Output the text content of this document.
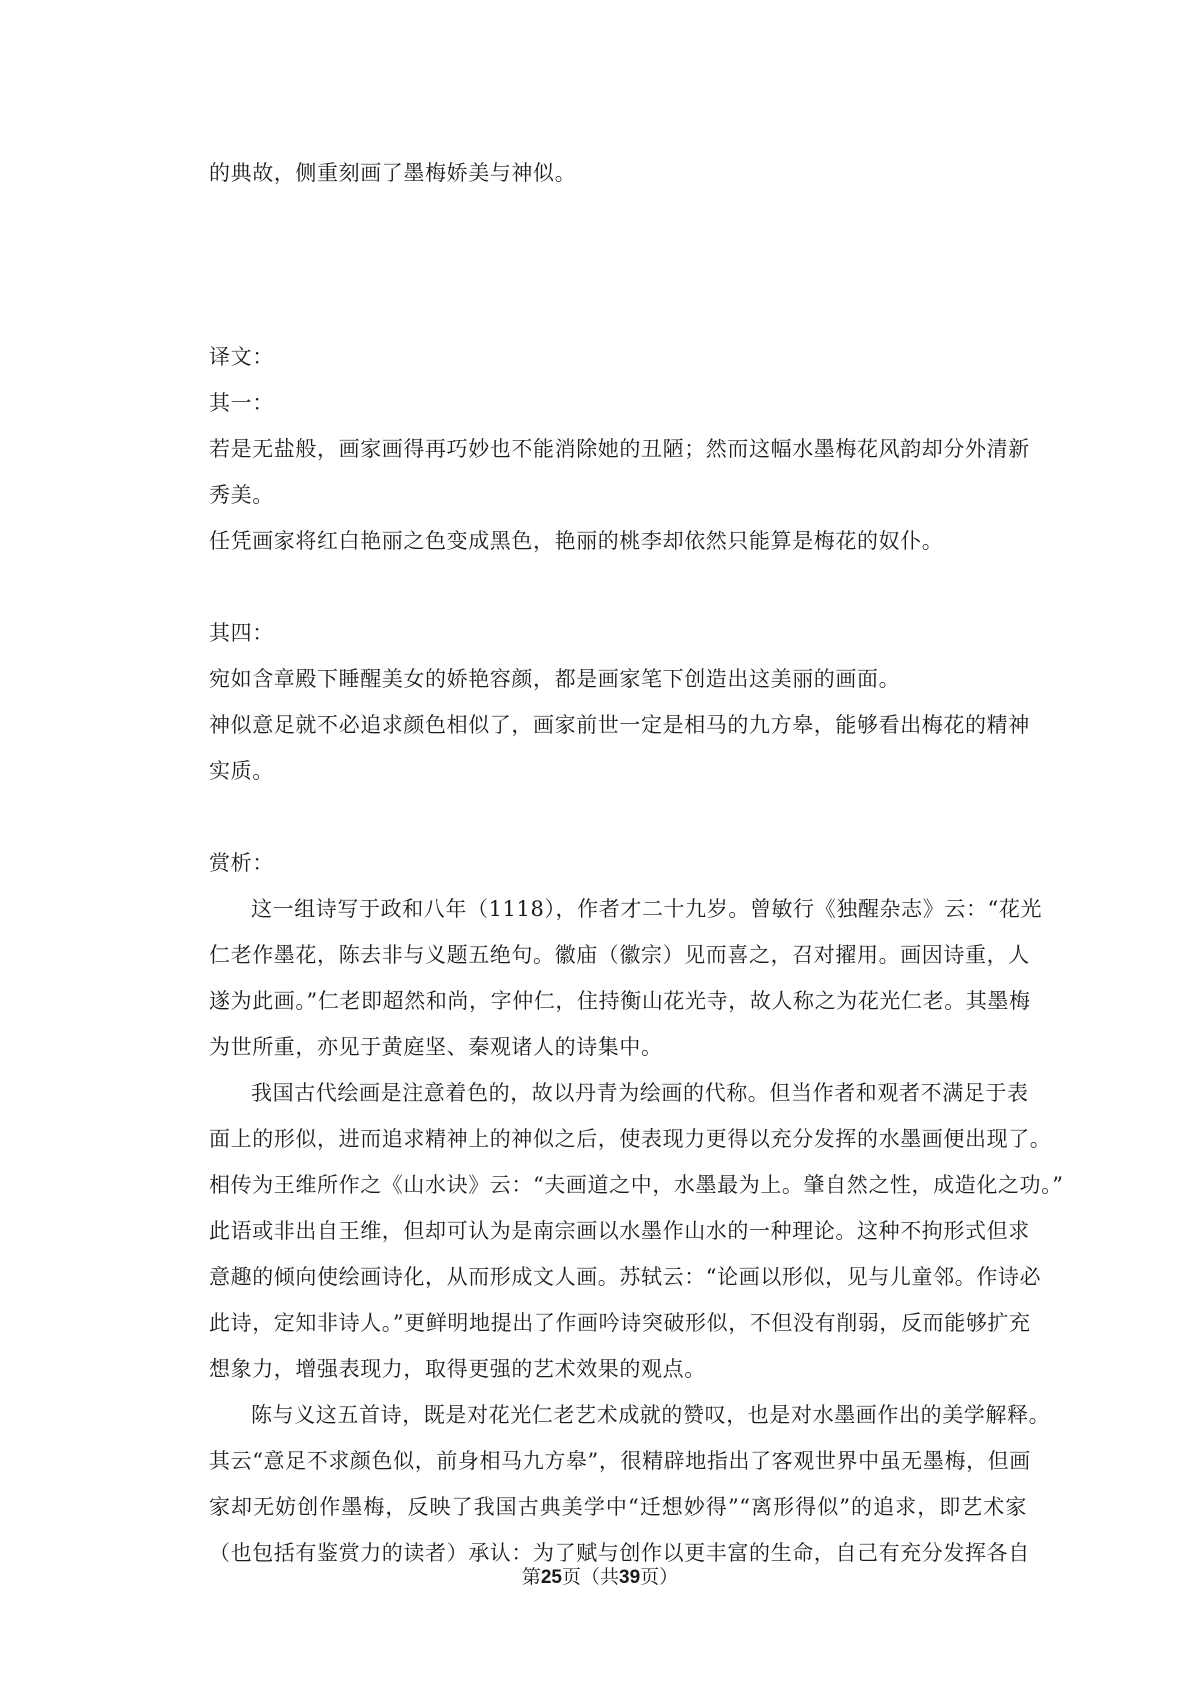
的典故，侧重刻画了墨梅娇美与神似。
译文：
其一：
若是无盐般，画家画得再巧妙也不能消除她的丑陋；然而这幅水墨梅花风韵却分外清新
秀美。
任凭画家将红白艳丽之色变成黑色，艳丽的桃李却依然只能算是梅花的奴仆。
其四：
宛如含章殿下睡醒美女的娇艳容颜，都是画家笔下创造出这美丽的画面。
神似意足就不必追求颜色相似了，画家前世一定是相马的九方皋，能够看出梅花的精神
实质。
赏析：
这一组诗写于政和八年（1118），作者才二十九岁。曾敏行《独醒杂志》云：“花光
仁老作墨花，陈去非与义题五绝句。徽庙（徽宗）见而喜之，召对擢用。画因诗重，人
遂为此画。”仁老即超然和尚，字仲仁，住持衡山花光寺，故人称之为花光仁老。其墨梅
为世所重，亦见于黄庭坚、秦观诸人的诗集中。
我国古代绘画是注意着色的，故以丹青为绘画的代称。但当作者和观者不满足于表
面上的形似，进而追求精神上的神似之后，使表现力更得以充分发挥的水墨画便出现了。
相传为王维所作之《山水诀》云：“夫画道之中，水墨最为上。肇自然之性，成造化之功。”
此语或非出自王维，但却可认为是南宗画以水墨作山水的一种理论。这种不拘形式但求
意趣的倾向使绘画诗化，从而形成文人画。苏轼云：“论画以形似，见与儿童邻。作诗必
此诗，定知非诗人。”更鲜明地提出了作画吟诗突破形似，不但没有削弱，反而能够扩充
想象力，增强表现力，取得更强的艺术效果的观点。
陈与义这五首诗，既是对花光仁老艺术成就的赞叹，也是对水墨画作出的美学解释。
其云“意足不求颜色似，前身相马九方皋”，很精辟地指出了客观世界中虽无墨梅，但画
家却无妨创作墨梅，反映了我国古典美学中“迁想妙得”“离形得似”的追求，即艺术家
（也包括有鉴赏力的读者）承认：为了赋与创作以更丰富的生命，自己有充分发挥各自
第25页（共39页）
